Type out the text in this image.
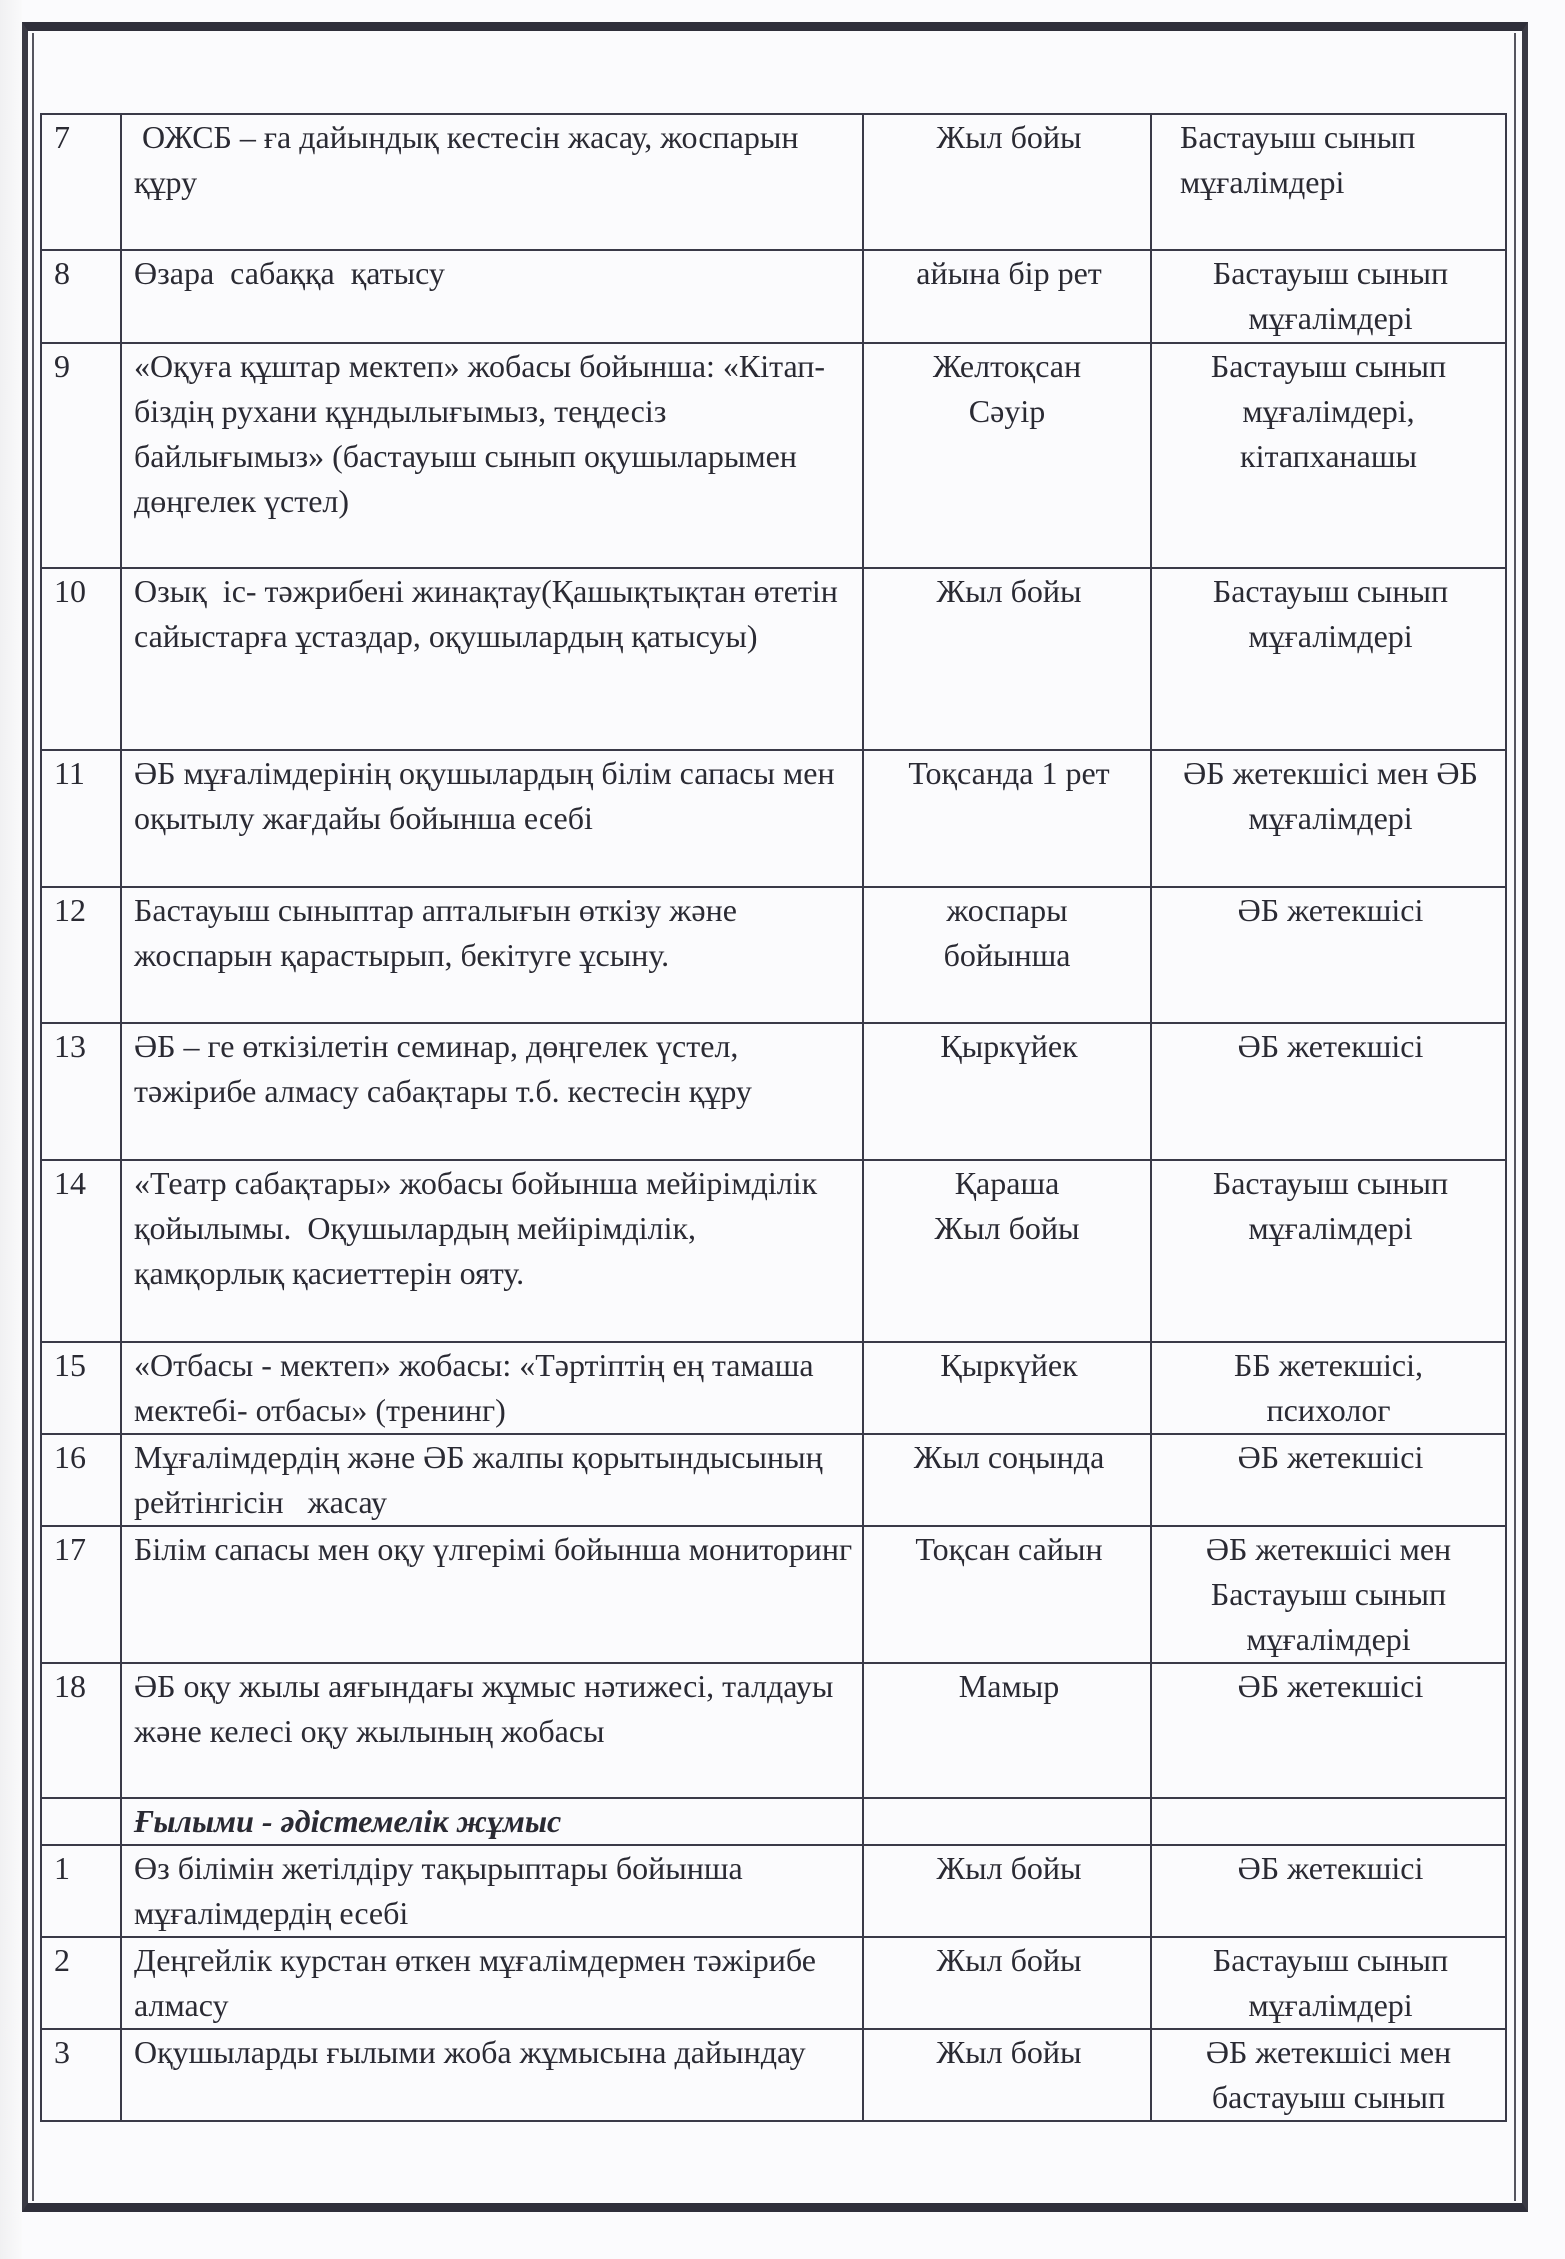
7	ОЖСБ – ға дайындық кестесін жасау, жоспарын құру	Жыл бойы	Бастауыш сынып мұғалімдері
8	Өзара  сабаққа  қатысу	айына бір рет	Бастауыш сынып мұғалімдері
9	«Оқуға құштар мектеп» жобасы бойынша: «Кітап-біздің рухани құндылығымыз, теңдесіз байлығымыз» (бастауыш сынып оқушыларымен дөңгелек үстел)	Желтоқсан Сәуір	Бастауыш сынып мұғалімдері, кітапханашы
10	Озық  іс- тәжрибені жинақтау(Қашықтықтан өтетін сайыстарға ұстаздар, оқушылардың қатысуы)	Жыл бойы	Бастауыш сынып мұғалімдері
11	ӘБ мұғалімдерінің оқушылардың білім сапасы мен оқытылу жағдайы бойынша есебі	Тоқсанда 1 рет	ӘБ жетекшісі мен ӘБ мұғалімдері
12	Бастауыш сыныптар апталығын өткізу және жоспарын қарастырып, бекітуге ұсыну.	жоспары бойынша	ӘБ жетекшісі
13	ӘБ – ге өткізілетін семинар, дөңгелек үстел, тәжірибе алмасу сабақтары т.б. кестесін құру	Қыркүйек	ӘБ жетекшісі
14	«Театр сабақтары» жобасы бойынша мейірімділік қойылымы.  Оқушылардың мейірімділік, қамқорлық қасиеттерін ояту.	Қараша Жыл бойы	Бастауыш сынып мұғалімдері
15	«Отбасы - мектеп» жобасы: «Тәртіптің ең тамаша мектебі- отбасы» (тренинг)	Қыркүйек	ББ жетекшісі, психолог
16	Мұғалімдердің және ӘБ жалпы қорытындысының  рейтінгісін   жасау	Жыл соңында	ӘБ жетекшісі
17	Білім сапасы мен оқу үлгерімі бойынша мониторинг	Тоқсан сайын	ӘБ жетекшісі мен Бастауыш сынып мұғалімдері
18	ӘБ оқу жылы аяғындағы жұмыс нәтижесі, талдауы және келесі оқу жылының жобасы	Мамыр	ӘБ жетекшісі
	Ғылыми - әдістемелік жұмыс		
1	Өз білімін жетілдіру тақырыптары бойынша мұғалімдердің есебі	Жыл бойы	ӘБ жетекшісі
2	Деңгейлік курстан өткен мұғалімдермен тәжірибе алмасу	Жыл бойы	Бастауыш сынып мұғалімдері
3	Оқушыларды ғылыми жоба жұмысына дайындау	Жыл бойы	ӘБ жетекшісі мен бастауыш сынып
